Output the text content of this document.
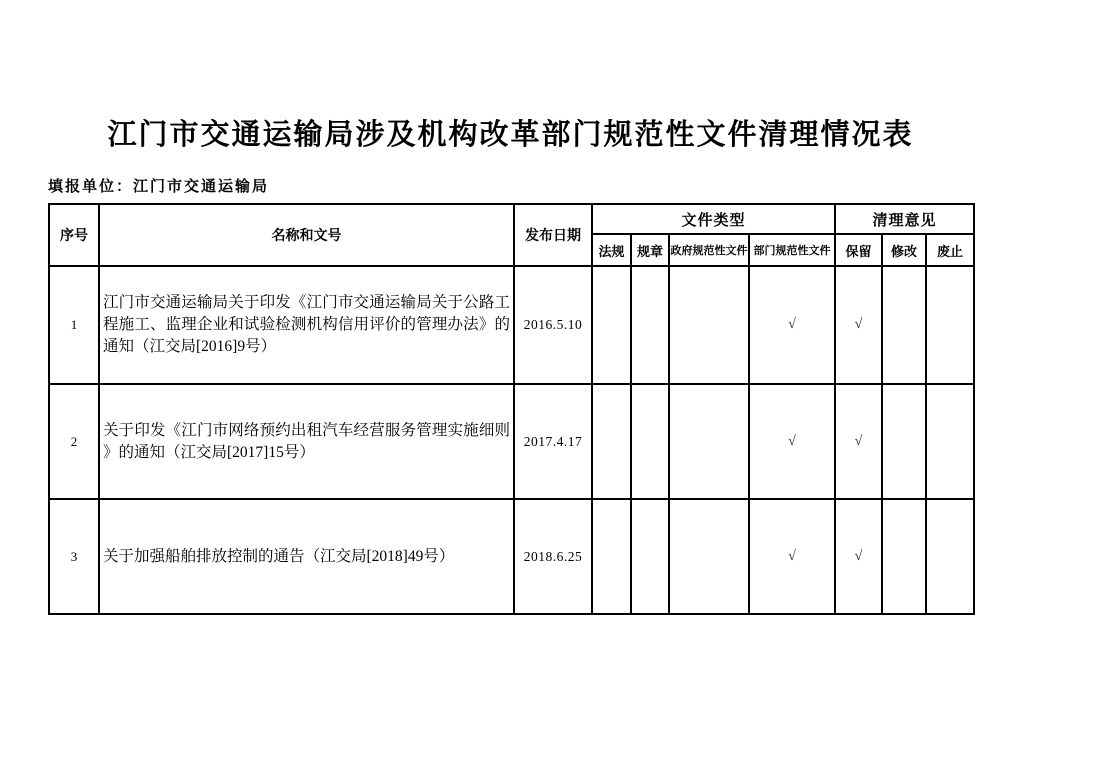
江门市交通运输局涉及机构改革部门规范性文件清理情况表
填报单位：江门市交通运输局
序号	名称和文号	发布日期	文件类型				清理意见		
			法规	规章	政府规范性文件	部门规范性文件	保留	修改	废止
1	江门市交通运输局关于印发《江门市交通运输局关于公路工程施工、监理企业和试验检测机构信用评价的管理办法》的通知（江交局[2016]9号）	2016.5.10				√	√		
2	关于印发《江门市网络预约出租汽车经营服务管理实施细则》的通知（江交局[2017]15号）	2017.4.17				√	√		
3	关于加强船舶排放控制的通告（江交局[2018]49号）	2018.6.25				√	√		
